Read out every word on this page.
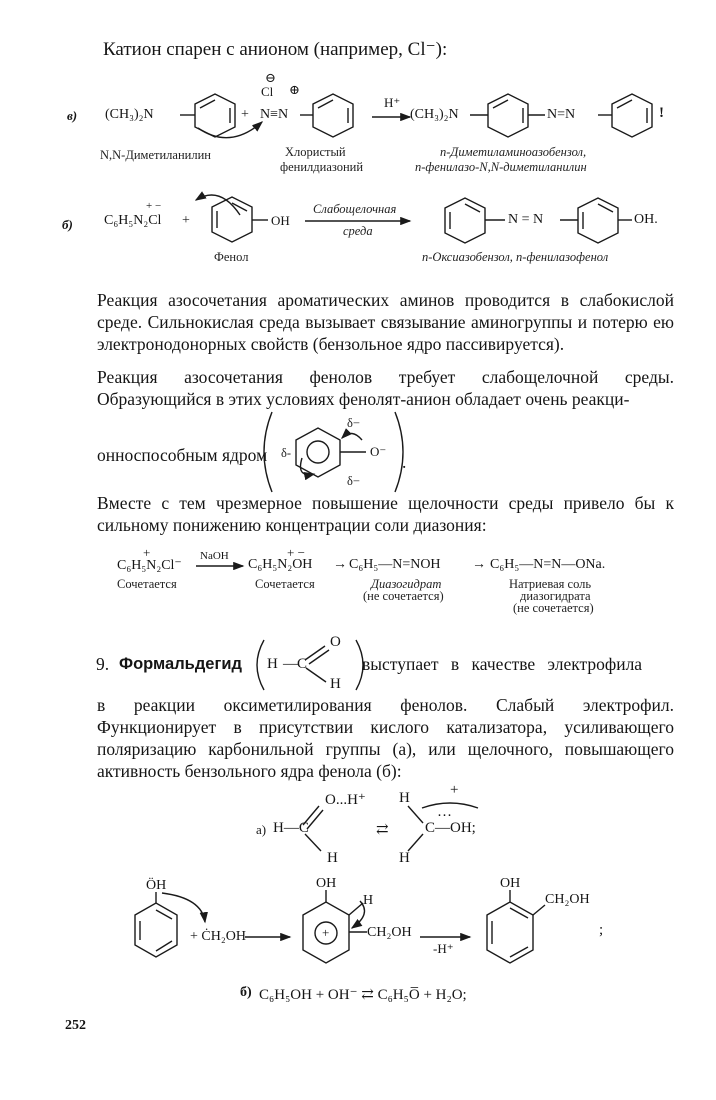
Катион спарен с анионом (например, Cl⁻):
в) (CH₃)₂N
N,N-Диметиланилин
+
Cl
⊖
⊕
N≡N
Хлористый
фенилдиазоний
H⁺
(CH₃)₂N	N=N
п-Диметиламиноазобензол,
п-фенилазо-N,N-диметиланилин
!
б)
+ −
C₆H₅N₂Cl +	OH
Фенол
Слабощелочная
среда
N = N	OH.
п-Оксиазобензол, п-фенилазофенол
Реакция азосочетания ароматических аминов проводится в слабокислой среде. Сильнокислая среда вызывает связывание аминогруппы и потерю ею электронодонорных свойств (бензольное ядро пассивируется).
Реакция азосочетания фенолов требует слабощелочной среды. Образующийся в этих условиях фенолят-анион обладает очень реакци-
онноспособным ядром
δ−
δ-
δ−
O⁻
.
Вместе с тем чрезмерное повышение щелочности среды привело бы к сильному понижению концентрации соли диазония:
+
C₆H₅N₂Cl⁻
NaOH	+ −
C₆H₅N₂OH → C₆H₅—N=NOH → C₆H₅—N=N—ONa.
Сочетается	Сочетается	Диазогидрат
(не сочетается)
Натриевая соль
диазогидрата
(не сочетается)
9. Формальдегид H — C
O
H
выступает в качестве электрофила
в реакции оксиметилирования фенолов. Слабый электрофил. Функционирует в присутствии кислого катализатора, усиливающего поляризацию карбонильной группы (а), или щелочного, повышающего активность бензольного ядра фенола (б):
а) H—C
O...H⁺
H
⇄
H	+
···
C—OH;
H
ÖH
+ ĊH₂OH
OH
H
CH₂OH
+
-H⁺
OH
CH₂OH
;
б) C₆H₅OH + OH⁻ ⇄ C₆H₅O̅ + H₂O;
252
